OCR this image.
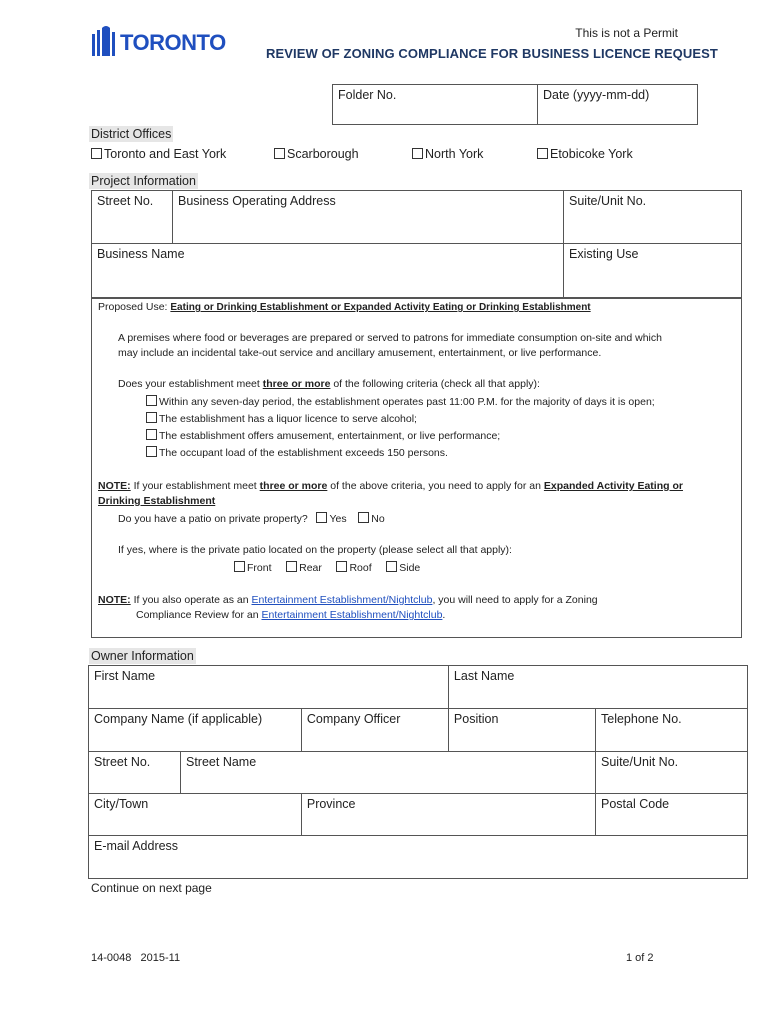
TORONTO	This is not a Permit
REVIEW OF ZONING COMPLIANCE FOR BUSINESS LICENCE REQUEST
Folder No.	Date (yyyy-mm-dd)
District Offices
Toronto and East York	Scarborough	North York	Etobicoke York
Project Information
Street No.	Business Operating Address	Suite/Unit No.
Business Name		Existing Use
Proposed Use: Eating or Drinking Establishment or Expanded Activity Eating or Drinking Establishment
A premises where food or beverages are prepared or served to patrons for immediate consumption on-site and which
may include an incidental take-out service and ancillary amusement, entertainment, or live performance.
Does your establishment meet three or more of the following criteria (check all that apply):
Within any seven-day period, the establishment operates past 11:00 P.M. for the majority of days it is open;
The establishment has a liquor licence to serve alcohol;
The establishment offers amusement, entertainment, or live performance;
The occupant load of the establishment exceeds 150 persons.
NOTE: If your establishment meet three or more of the above criteria, you need to apply for an Expanded Activity Eating or
Drinking Establishment
Do you have a patio on private property? Yes No
If yes, where is the private patio located on the property (please select all that apply):
Front	Rear	Roof	Side
NOTE: If you also operate as an Entertainment Establishment/Nightclub, you will need to apply for a Zoning
Compliance Review for an Entertainment Establishment/Nightclub.
Owner Information
First Name			Last Name	
Company Name (if applicable)		Company Officer	Position	Telephone No.
Street No.	Street Name			Suite/Unit No.
City/Town		Province		Postal Code
E-mail Address				
Continue on next page
14-0048   2015-11	1 of 2
